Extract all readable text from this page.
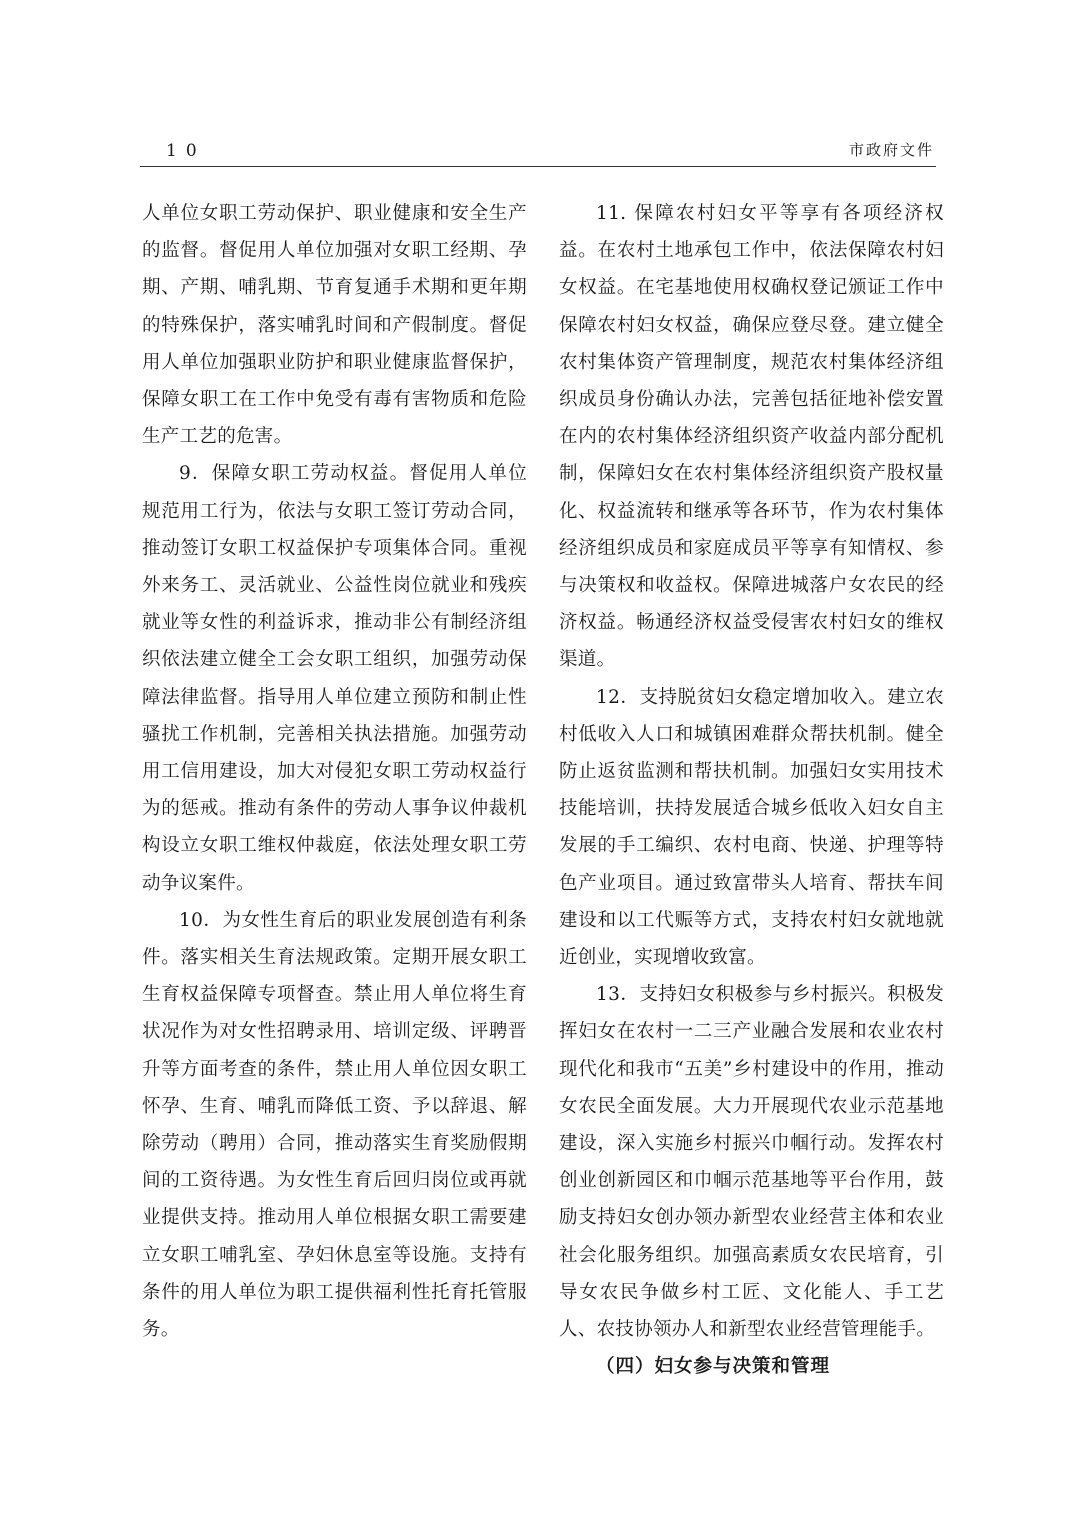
10	市政府文件

人单位女职工劳动保护、职业健康和安全生产的监督。督促用人单位加强对女职工经期、孕期、产期、哺乳期、节育复通手术期和更年期的特殊保护，落实哺乳时间和产假制度。督促用人单位加强职业防护和职业健康监督保护，保障女职工在工作中免受有毒有害物质和危险生产工艺的危害。

9．保障女职工劳动权益。督促用人单位规范用工行为，依法与女职工签订劳动合同，推动签订女职工权益保护专项集体合同。重视外来务工、灵活就业、公益性岗位就业和残疾就业等女性的利益诉求，推动非公有制经济组织依法建立健全工会女职工组织，加强劳动保障法律监督。指导用人单位建立预防和制止性骚扰工作机制，完善相关执法措施。加强劳动用工信用建设，加大对侵犯女职工劳动权益行为的惩戒。推动有条件的劳动人事争议仲裁机构设立女职工维权仲裁庭，依法处理女职工劳动争议案件。

10．为女性生育后的职业发展创造有利条件。落实相关生育法规政策。定期开展女职工生育权益保障专项督查。禁止用人单位将生育状况作为对女性招聘录用、培训定级、评聘晋升等方面考查的条件，禁止用人单位因女职工怀孕、生育、哺乳而降低工资、予以辞退、解除劳动（聘用）合同，推动落实生育奖励假期间的工资待遇。为女性生育后回归岗位或再就业提供支持。推动用人单位根据女职工需要建立女职工哺乳室、孕妇休息室等设施。支持有条件的用人单位为职工提供福利性托育托管服务。

11. 保障农村妇女平等享有各项经济权益。在农村土地承包工作中，依法保障农村妇女权益。在宅基地使用权确权登记颁证工作中保障农村妇女权益，确保应登尽登。建立健全农村集体资产管理制度，规范农村集体经济组织成员身份确认办法，完善包括征地补偿安置在内的农村集体经济组织资产收益内部分配机制，保障妇女在农村集体经济组织资产股权量化、权益流转和继承等各环节，作为农村集体经济组织成员和家庭成员平等享有知情权、参与决策权和收益权。保障进城落户女农民的经济权益。畅通经济权益受侵害农村妇女的维权渠道。

12．支持脱贫妇女稳定增加收入。建立农村低收入人口和城镇困难群众帮扶机制。健全防止返贫监测和帮扶机制。加强妇女实用技术技能培训，扶持发展适合城乡低收入妇女自主发展的手工编织、农村电商、快递、护理等特色产业项目。通过致富带头人培育、帮扶车间建设和以工代赈等方式，支持农村妇女就地就近创业，实现增收致富。

13．支持妇女积极参与乡村振兴。积极发挥妇女在农村一二三产业融合发展和农业农村现代化和我市“五美”乡村建设中的作用，推动女农民全面发展。大力开展现代农业示范基地建设，深入实施乡村振兴巾帼行动。发挥农村创业创新园区和巾帼示范基地等平台作用，鼓励支持妇女创办领办新型农业经营主体和农业社会化服务组织。加强高素质女农民培育，引导女农民争做乡村工匠、文化能人、手工艺人、农技协领办人和新型农业经营管理能手。

（四）妇女参与决策和管理
